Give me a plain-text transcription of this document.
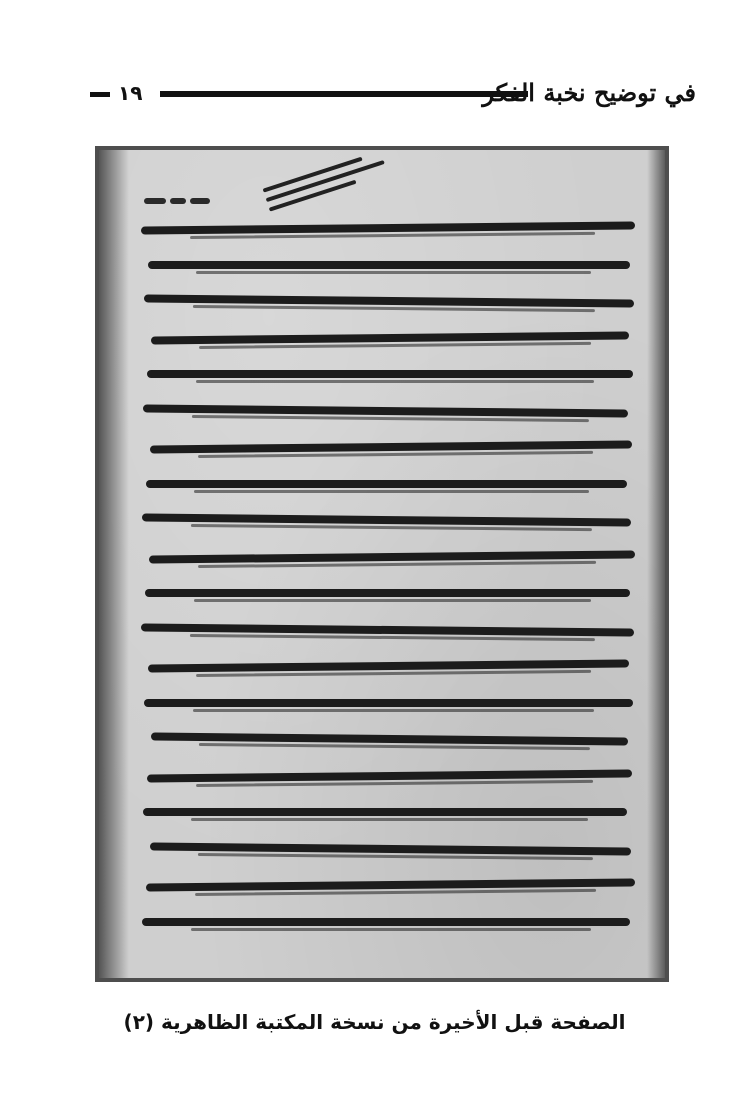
١٩	في توضيح نخبة الفكر
الصفحة قبل الأخيرة من نسخة المكتبة الظاهرية (٢)
